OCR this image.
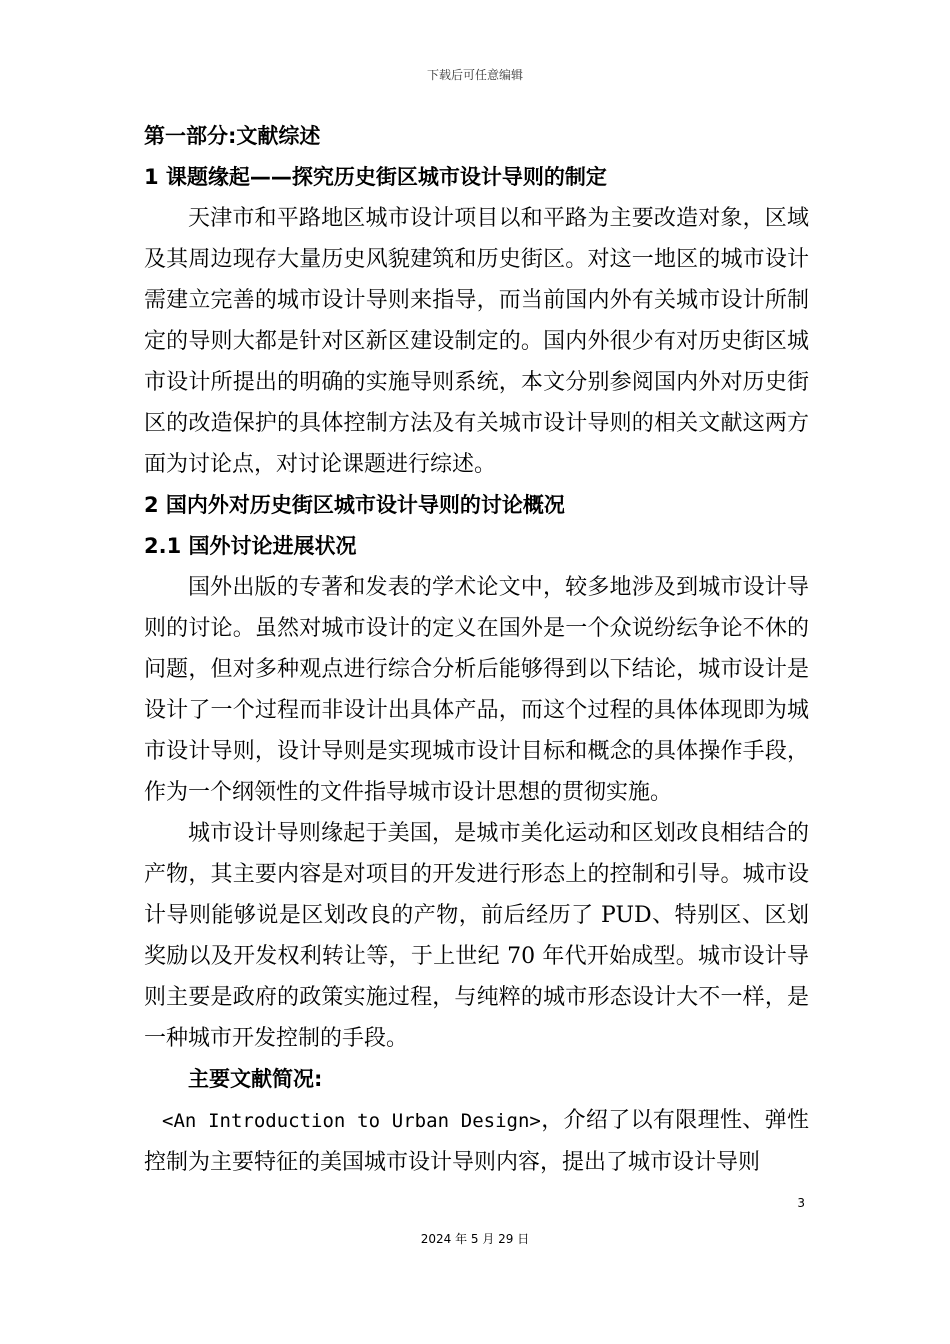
下载后可任意编辑

第一部分:文献综述

1 课题缘起——探究历史街区城市设计导则的制定

天津市和平路地区城市设计项目以和平路为主要改造对象，区域及其周边现存大量历史风貌建筑和历史街区。对这一地区的城市设计需建立完善的城市设计导则来指导，而当前国内外有关城市设计所制定的导则大都是针对区新区建设制定的。国内外很少有对历史街区城市设计所提出的明确的实施导则系统，本文分别参阅国内外对历史街区的改造保护的具体控制方法及有关城市设计导则的相关文献这两方面为讨论点，对讨论课题进行综述。

2 国内外对历史街区城市设计导则的讨论概况

2.1 国外讨论进展状况

国外出版的专著和发表的学术论文中，较多地涉及到城市设计导则的讨论。虽然对城市设计的定义在国外是一个众说纷纭争论不休的问题，但对多种观点进行综合分析后能够得到以下结论，城市设计是设计了一个过程而非设计出具体产品，而这个过程的具体体现即为城市设计导则，设计导则是实现城市设计目标和概念的具体操作手段，作为一个纲领性的文件指导城市设计思想的贯彻实施。

城市设计导则缘起于美国，是城市美化运动和区划改良相结合的产物，其主要内容是对项目的开发进行形态上的控制和引导。城市设计导则能够说是区划改良的产物，前后经历了 PUD、特别区、区划奖励以及开发权利转让等，于上世纪 70 年代开始成型。城市设计导则主要是政府的政策实施过程，与纯粹的城市形态设计大不一样，是一种城市开发控制的手段。

主要文献简况:

<An Introduction to Urban Design>，介绍了以有限理性、弹性控制为主要特征的美国城市设计导则内容，提出了城市设计导则

3
2024 年 5 月 29 日
